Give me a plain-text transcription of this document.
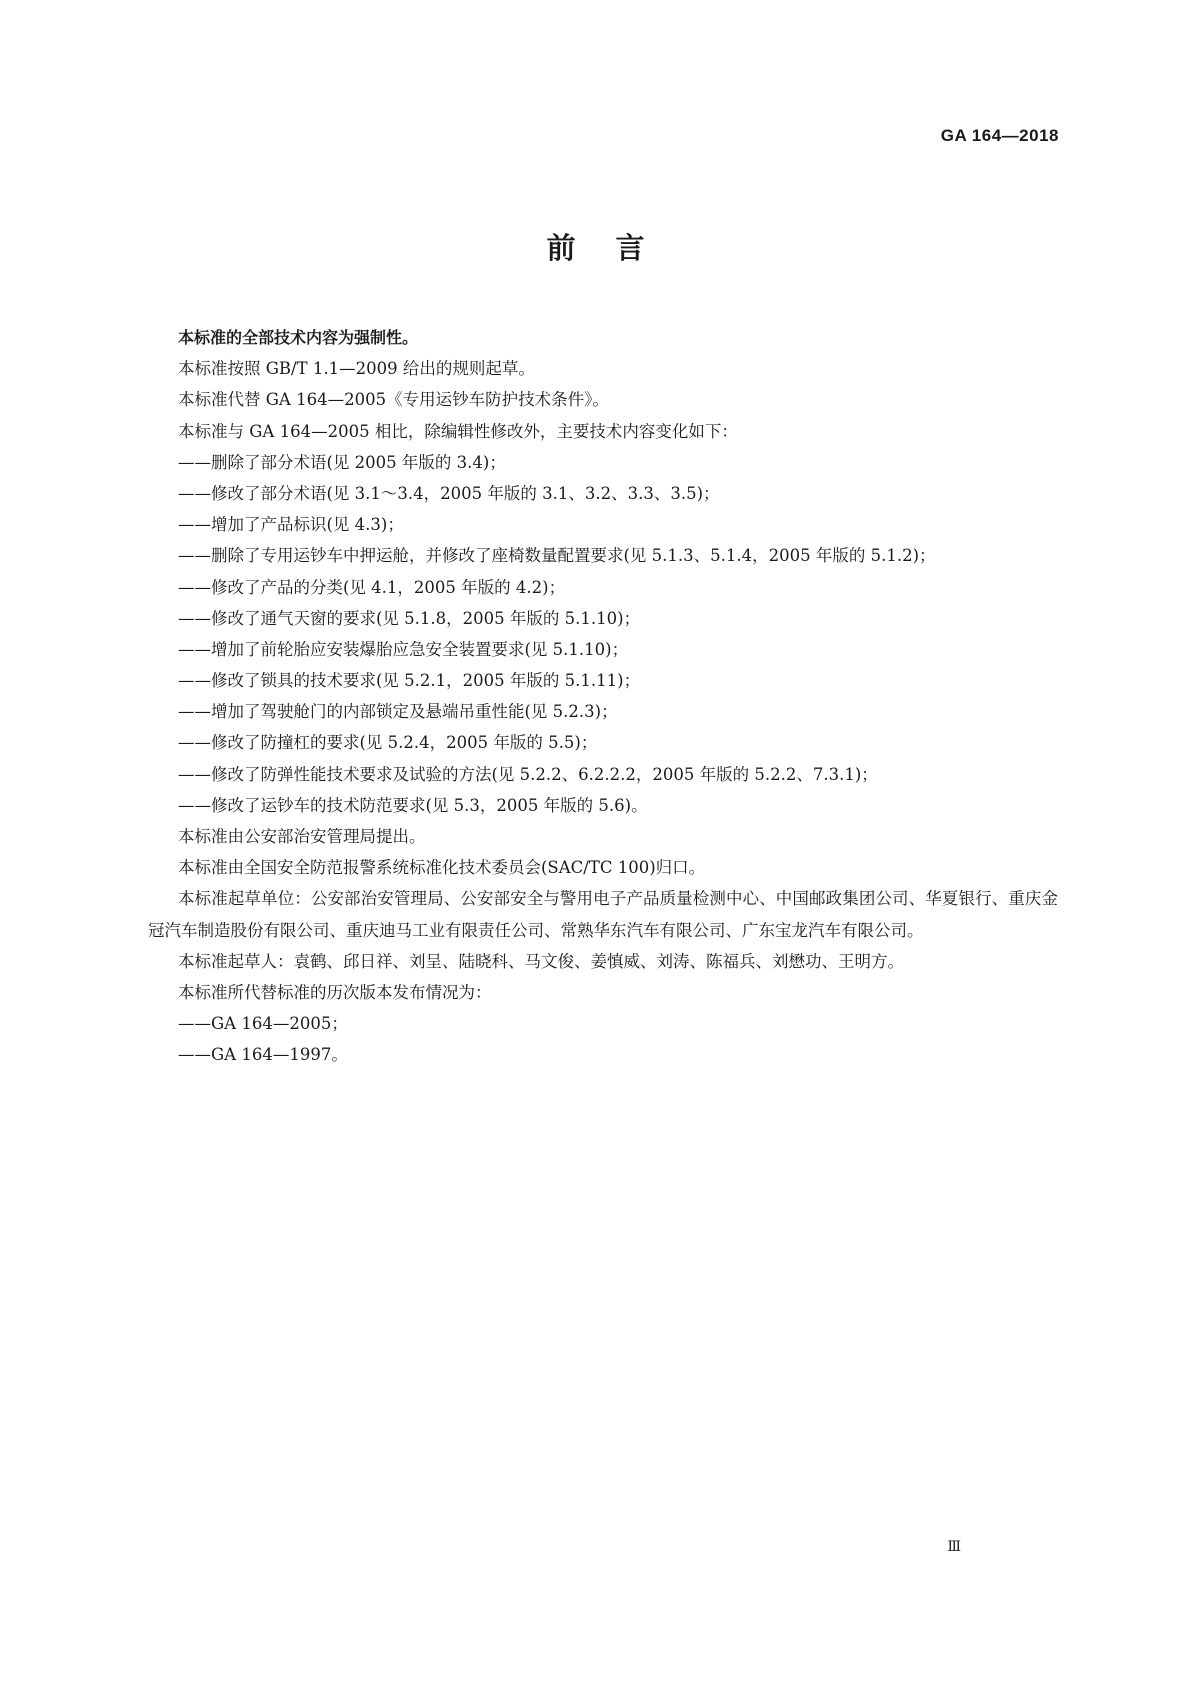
GA 164—2018
前言
本标准的全部技术内容为强制性。
本标准按照 GB/T 1.1—2009 给出的规则起草。
本标准代替 GA 164—2005《专用运钞车防护技术条件》。
本标准与 GA 164—2005 相比，除编辑性修改外，主要技术内容变化如下：
——删除了部分术语(见 2005 年版的 3.4)；
——修改了部分术语(见 3.1～3.4，2005 年版的 3.1、3.2、3.3、3.5)；
——增加了产品标识(见 4.3)；
——删除了专用运钞车中押运舱，并修改了座椅数量配置要求(见 5.1.3、5.1.4，2005 年版的 5.1.2)；
——修改了产品的分类(见 4.1，2005 年版的 4.2)；
——修改了通气天窗的要求(见 5.1.8，2005 年版的 5.1.10)；
——增加了前轮胎应安装爆胎应急安全装置要求(见 5.1.10)；
——修改了锁具的技术要求(见 5.2.1，2005 年版的 5.1.11)；
——增加了驾驶舱门的内部锁定及悬端吊重性能(见 5.2.3)；
——修改了防撞杠的要求(见 5.2.4，2005 年版的 5.5)；
——修改了防弹性能技术要求及试验的方法(见 5.2.2、6.2.2.2，2005 年版的 5.2.2、7.3.1)；
——修改了运钞车的技术防范要求(见 5.3，2005 年版的 5.6)。
本标准由公安部治安管理局提出。
本标准由全国安全防范报警系统标准化技术委员会(SAC/TC 100)归口。
本标准起草单位：公安部治安管理局、公安部安全与警用电子产品质量检测中心、中国邮政集团公司、华夏银行、重庆金冠汽车制造股份有限公司、重庆迪马工业有限责任公司、常熟华东汽车有限公司、广东宝龙汽车有限公司。
本标准起草人：袁鹤、邱日祥、刘呈、陆晓科、马文俊、姜慎威、刘涛、陈福兵、刘懋功、王明方。
本标准所代替标准的历次版本发布情况为：
——GA 164—2005；
——GA 164—1997。
Ⅲ
